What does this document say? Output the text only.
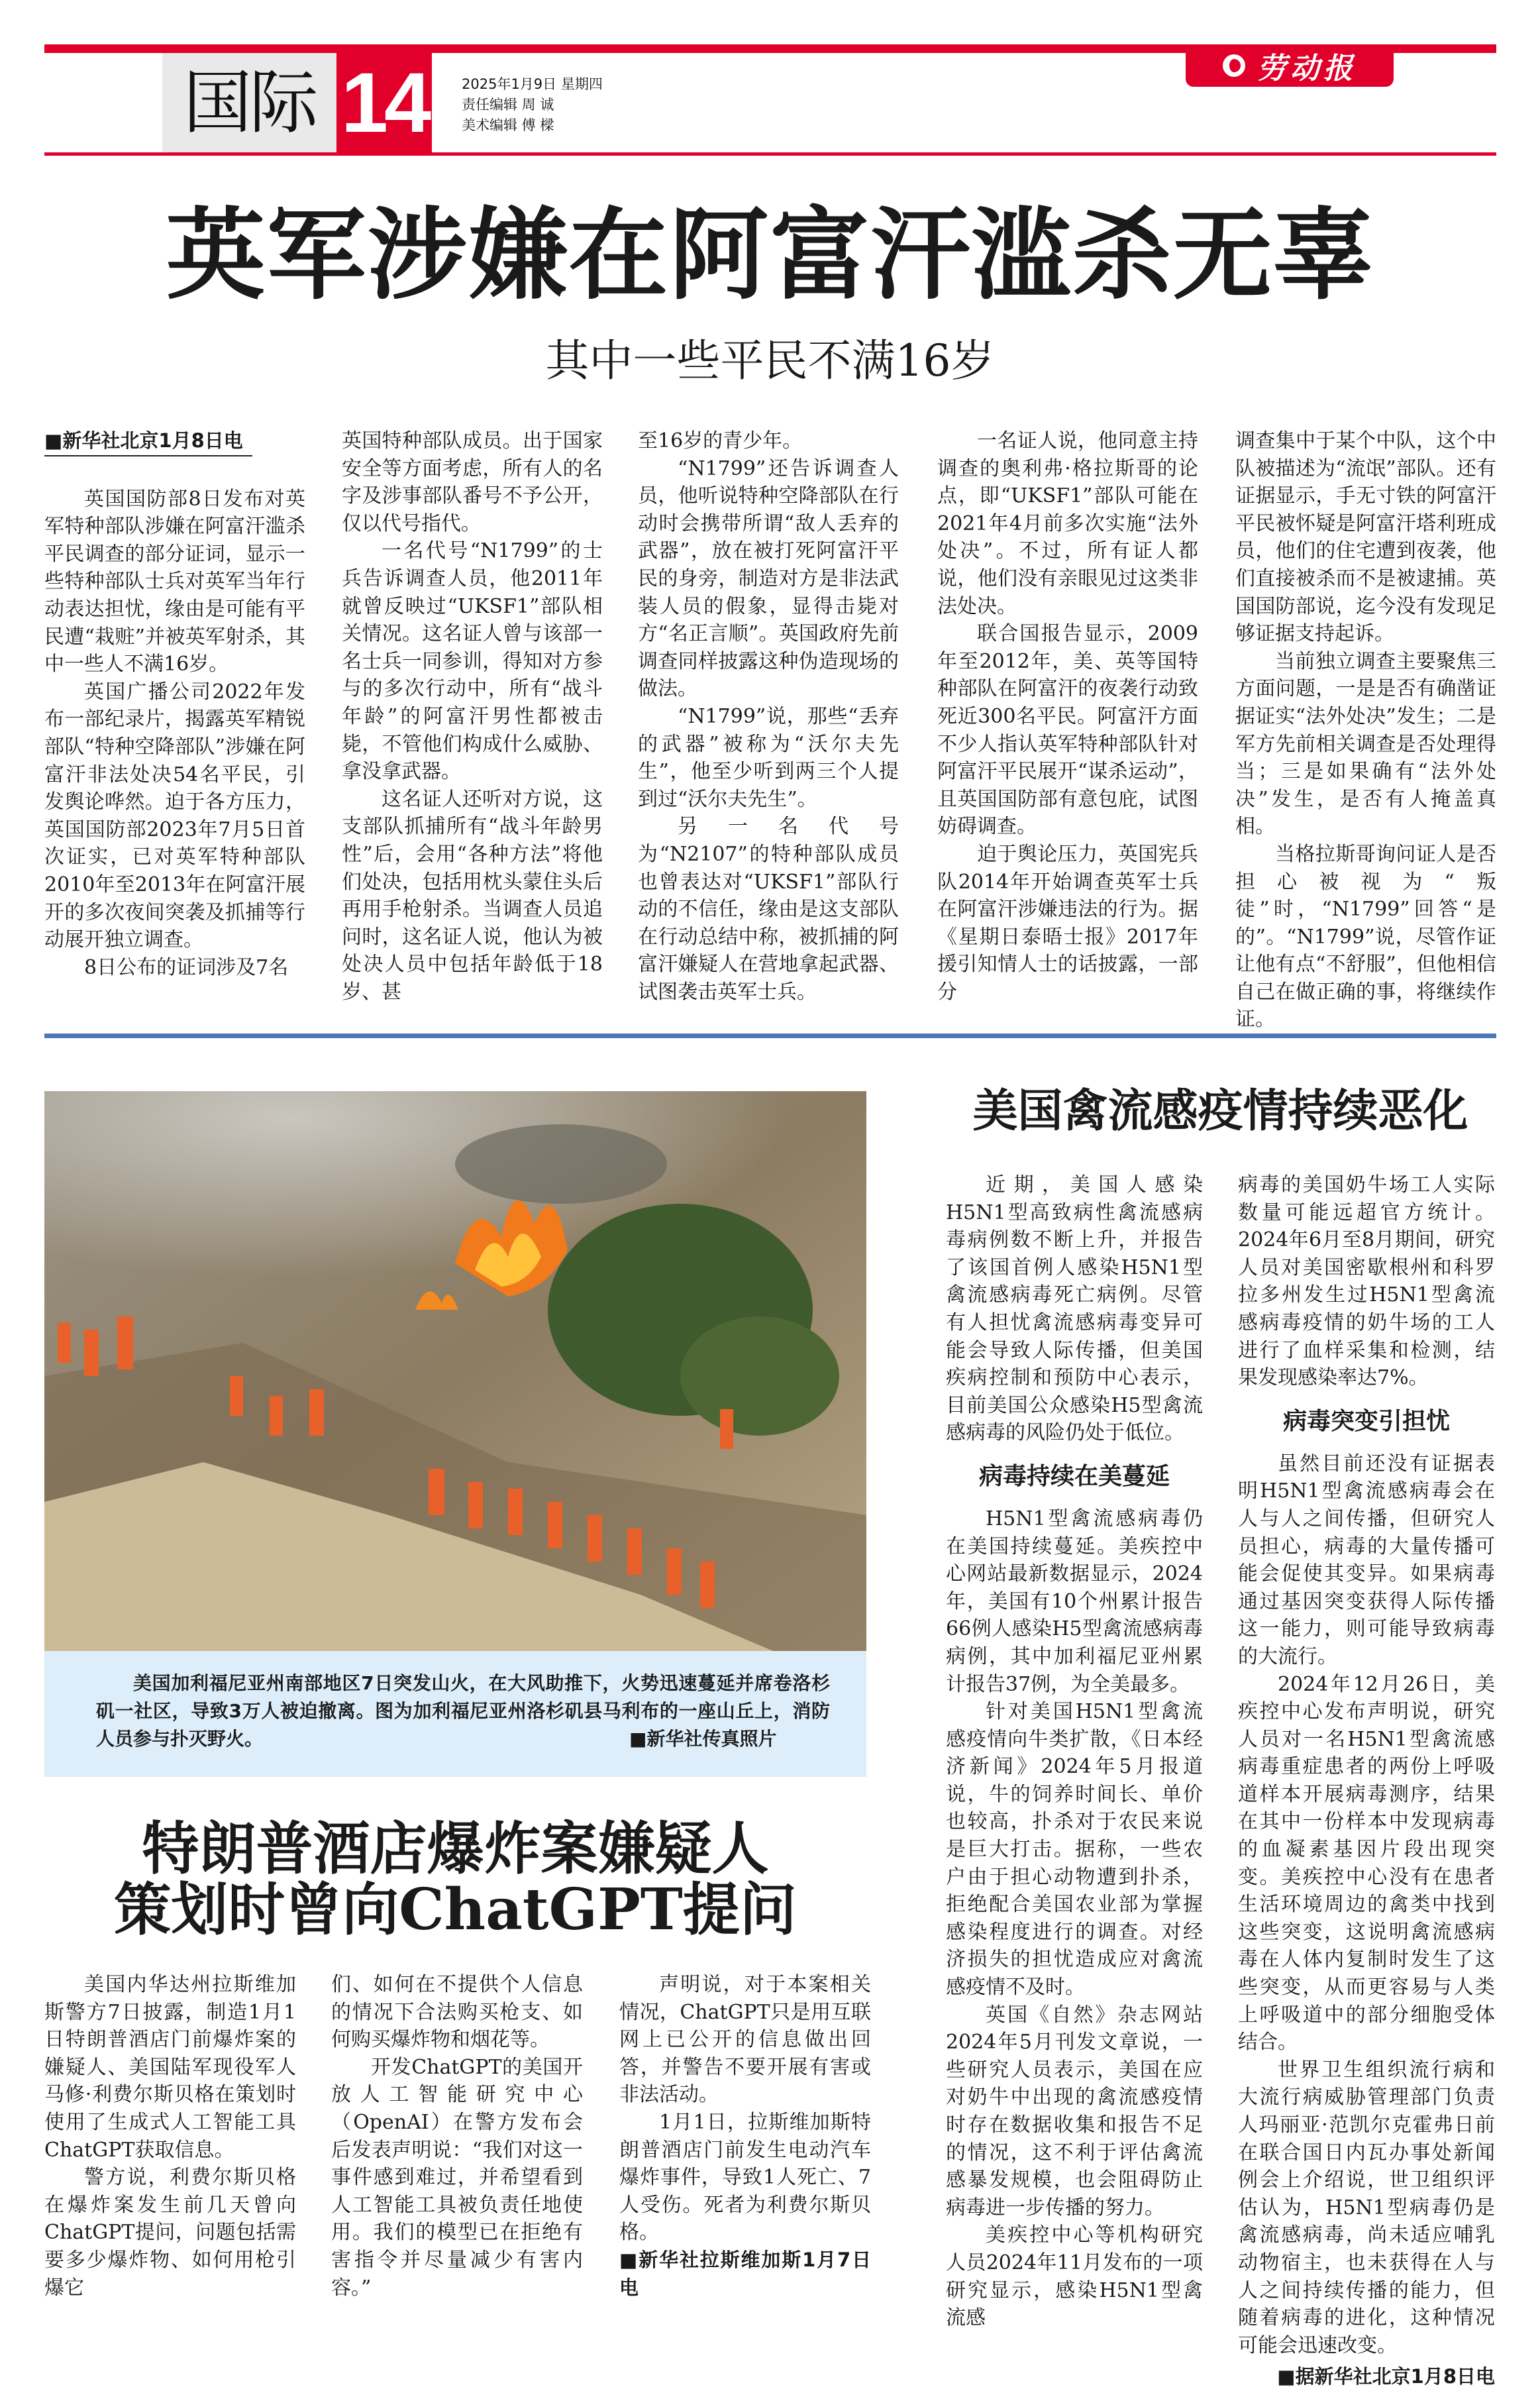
国际 14	2025年1月9日 星期四
责任编辑 周 诚
美术编辑 傅 樑
劳动报
英军涉嫌在阿富汗滥杀无辜
其中一些平民不满16岁
■新华社北京1月8日电

英国国防部8日发布对英军特种部队涉嫌在阿富汗滥杀平民调查的部分证词，显示一些特种部队士兵对英军当年行动表达担忧，缘由是可能有平民遭“栽赃”并被英军射杀，其中一些人不满16岁。

英国广播公司2022年发布一部纪录片，揭露英军精锐部队“特种空降部队”涉嫌在阿富汗非法处决54名平民，引发舆论哗然。迫于各方压力，英国国防部2023年7月5日首次证实，已对英军特种部队2010年至2013年在阿富汗展开的多次夜间突袭及抓捕等行动展开独立调查。

8日公布的证词涉及7名

英国特种部队成员。出于国家安全等方面考虑，所有人的名字及涉事部队番号不予公开，仅以代号指代。

一名代号“N1799”的士兵告诉调查人员，他2011年就曾反映过“UKSF1”部队相关情况。这名证人曾与该部一名士兵一同参训，得知对方参与的多次行动中，所有“战斗年龄”的阿富汗男性都被击毙，不管他们构成什么威胁、拿没拿武器。

这名证人还听对方说，这支部队抓捕所有“战斗年龄男性”后，会用“各种方法”将他们处决，包括用枕头蒙住头后再用手枪射杀。当调查人员追问时，这名证人说，他认为被处决人员中包括年龄低于18岁、甚

至16岁的青少年。

“N1799”还告诉调查人员，他听说特种空降部队在行动时会携带所谓“敌人丢弃的武器”，放在被打死阿富汗平民的身旁，制造对方是非法武装人员的假象，显得击毙对方“名正言顺”。英国政府先前调查同样披露这种伪造现场的做法。

“N1799”说，那些“丢弃的武器”被称为“沃尔夫先生”，他至少听到两三个人提到过“沃尔夫先生”。

另一名代号为“N2107”的特种部队成员也曾表达对“UKSF1”部队行动的不信任，缘由是这支部队在行动总结中称，被抓捕的阿富汗嫌疑人在营地拿起武器、试图袭击英军士兵。

一名证人说，他同意主持调查的奥利弗·格拉斯哥的论点，即“UKSF1”部队可能在2021年4月前多次实施“法外处决”。不过，所有证人都说，他们没有亲眼见过这类非法处决。

联合国报告显示，2009年至2012年，美、英等国特种部队在阿富汗的夜袭行动致死近300名平民。阿富汗方面不少人指认英军特种部队针对阿富汗平民展开“谋杀运动”，且英国国防部有意包庇，试图妨碍调查。

迫于舆论压力，英国宪兵队2014年开始调查英军士兵在阿富汗涉嫌违法的行为。据《星期日泰晤士报》2017年援引知情人士的话披露，一部分

调查集中于某个中队，这个中队被描述为“流氓”部队。还有证据显示，手无寸铁的阿富汗平民被怀疑是阿富汗塔利班成员，他们的住宅遭到夜袭，他们直接被杀而不是被逮捕。英国国防部说，迄今没有发现足够证据支持起诉。

当前独立调查主要聚焦三方面问题，一是是否有确凿证据证实“法外处决”发生；二是军方先前相关调查是否处理得当；三是如果确有“法外处决”发生，是否有人掩盖真相。

当格拉斯哥询问证人是否担心被视为“叛徒”时，“N1799”回答“是的”。“N1799”说，尽管作证让他有点“不舒服”，但他相信自己在做正确的事，将继续作证。

美国加利福尼亚州南部地区7日突发山火，在大风助推下，火势迅速蔓延并席卷洛杉矶一社区，导致3万人被迫撤离。图为加利福尼亚州洛杉矶县马利布的一座山丘上，消防人员参与扑灭野火。	■新华社传真照片
美国禽流感疫情持续恶化

近期，美国人感染H5N1型高致病性禽流感病毒病例数不断上升，并报告了该国首例人感染H5N1型禽流感病毒死亡病例。尽管有人担忧禽流感病毒变异可能会导致人际传播，但美国疾病控制和预防中心表示，目前美国公众感染H5型禽流感病毒的风险仍处于低位。

病毒持续在美蔓延

H5N1型禽流感病毒仍在美国持续蔓延。美疾控中心网站最新数据显示，2024年，美国有10个州累计报告66例人感染H5型禽流感病毒病例，其中加利福尼亚州累计报告37例，为全美最多。

针对美国H5N1型禽流感疫情向牛类扩散，《日本经济新闻》2024年5月报道说，牛的饲养时间长、单价也较高，扑杀对于农民来说是巨大打击。据称，一些农户由于担心动物遭到扑杀，拒绝配合美国农业部为掌握感染程度进行的调查。对经济损失的担忧造成应对禽流感疫情不及时。

英国《自然》杂志网站2024年5月刊发文章说，一些研究人员表示，美国在应对奶牛中出现的禽流感疫情时存在数据收集和报告不足的情况，这不利于评估禽流感暴发规模，也会阻碍防止病毒进一步传播的努力。

美疾控中心等机构研究人员2024年11月发布的一项研究显示，感染H5N1型禽流感

病毒的美国奶牛场工人实际数量可能远超官方统计。2024年6月至8月期间，研究人员对美国密歇根州和科罗拉多州发生过H5N1型禽流感病毒疫情的奶牛场的工人进行了血样采集和检测，结果发现感染率达7%。

病毒突变引担忧

虽然目前还没有证据表明H5N1型禽流感病毒会在人与人之间传播，但研究人员担心，病毒的大量传播可能会促使其变异。如果病毒通过基因突变获得人际传播这一能力，则可能导致病毒的大流行。

2024年12月26日，美疾控中心发布声明说，研究人员对一名H5N1型禽流感病毒重症患者的两份上呼吸道样本开展病毒测序，结果在其中一份样本中发现病毒的血凝素基因片段出现突变。美疾控中心没有在患者生活环境周边的禽类中找到这些突变，这说明禽流感病毒在人体内复制时发生了这些突变，从而更容易与人类上呼吸道中的部分细胞受体结合。

世界卫生组织流行病和大流行病威胁管理部门负责人玛丽亚·范凯尔克霍弗日前在联合国日内瓦办事处新闻例会上介绍说，世卫组织评估认为，H5N1型病毒仍是禽流感病毒，尚未适应哺乳动物宿主，也未获得在人与人之间持续传播的能力，但随着病毒的进化，这种情况可能会迅速改变。

■据新华社北京1月8日电
特朗普酒店爆炸案嫌疑人
策划时曾向ChatGPT提问

美国内华达州拉斯维加斯警方7日披露，制造1月1日特朗普酒店门前爆炸案的嫌疑人、美国陆军现役军人马修·利费尔斯贝格在策划时使用了生成式人工智能工具ChatGPT获取信息。

警方说，利费尔斯贝格在爆炸案发生前几天曾向ChatGPT提问，问题包括需要多少爆炸物、如何用枪引爆它

们、如何在不提供个人信息的情况下合法购买枪支、如何购买爆炸物和烟花等。

开发ChatGPT的美国开放人工智能研究中心（OpenAI）在警方发布会后发表声明说：“我们对这一事件感到难过，并希望看到人工智能工具被负责任地使用。我们的模型已在拒绝有害指令并尽量减少有害内容。”

声明说，对于本案相关情况，ChatGPT只是用互联网上已公开的信息做出回答，并警告不要开展有害或非法活动。

1月1日，拉斯维加斯特朗普酒店门前发生电动汽车爆炸事件，导致1人死亡、7人受伤。死者为利费尔斯贝格。

■新华社拉斯维加斯1月7日电
